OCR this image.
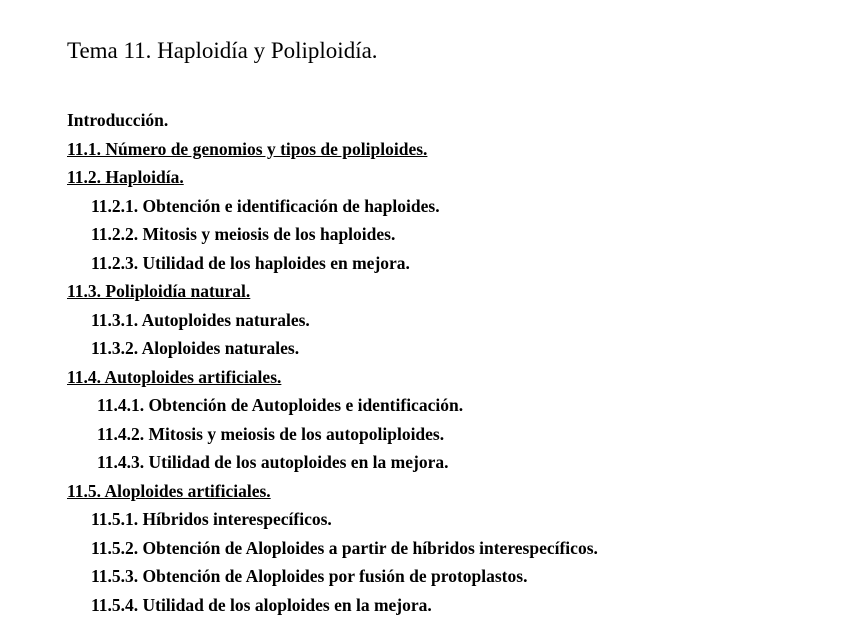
Tema 11. Haploidía y Poliploidía.
Introducción.
11.1. Número de genomios y tipos de poliploides.
11.2. Haploidía.
11.2.1. Obtención e identificación de haploides.
11.2.2. Mitosis y meiosis de los haploides.
11.2.3. Utilidad de los haploides en mejora.
11.3. Poliploidía natural.
11.3.1. Autoploides naturales.
11.3.2. Aloploides naturales.
11.4. Autoploides artificiales.
11.4.1. Obtención de Autoploides e identificación.
11.4.2. Mitosis y meiosis de los autopoliploides.
11.4.3. Utilidad de los autoploides en la mejora.
11.5. Aloploides artificiales.
11.5.1. Híbridos interespecíficos.
11.5.2. Obtención de Aloploides a partir de híbridos interespecíficos.
11.5.3. Obtención de Aloploides por fusión de protoplastos.
11.5.4. Utilidad de los aloploides en la mejora.
